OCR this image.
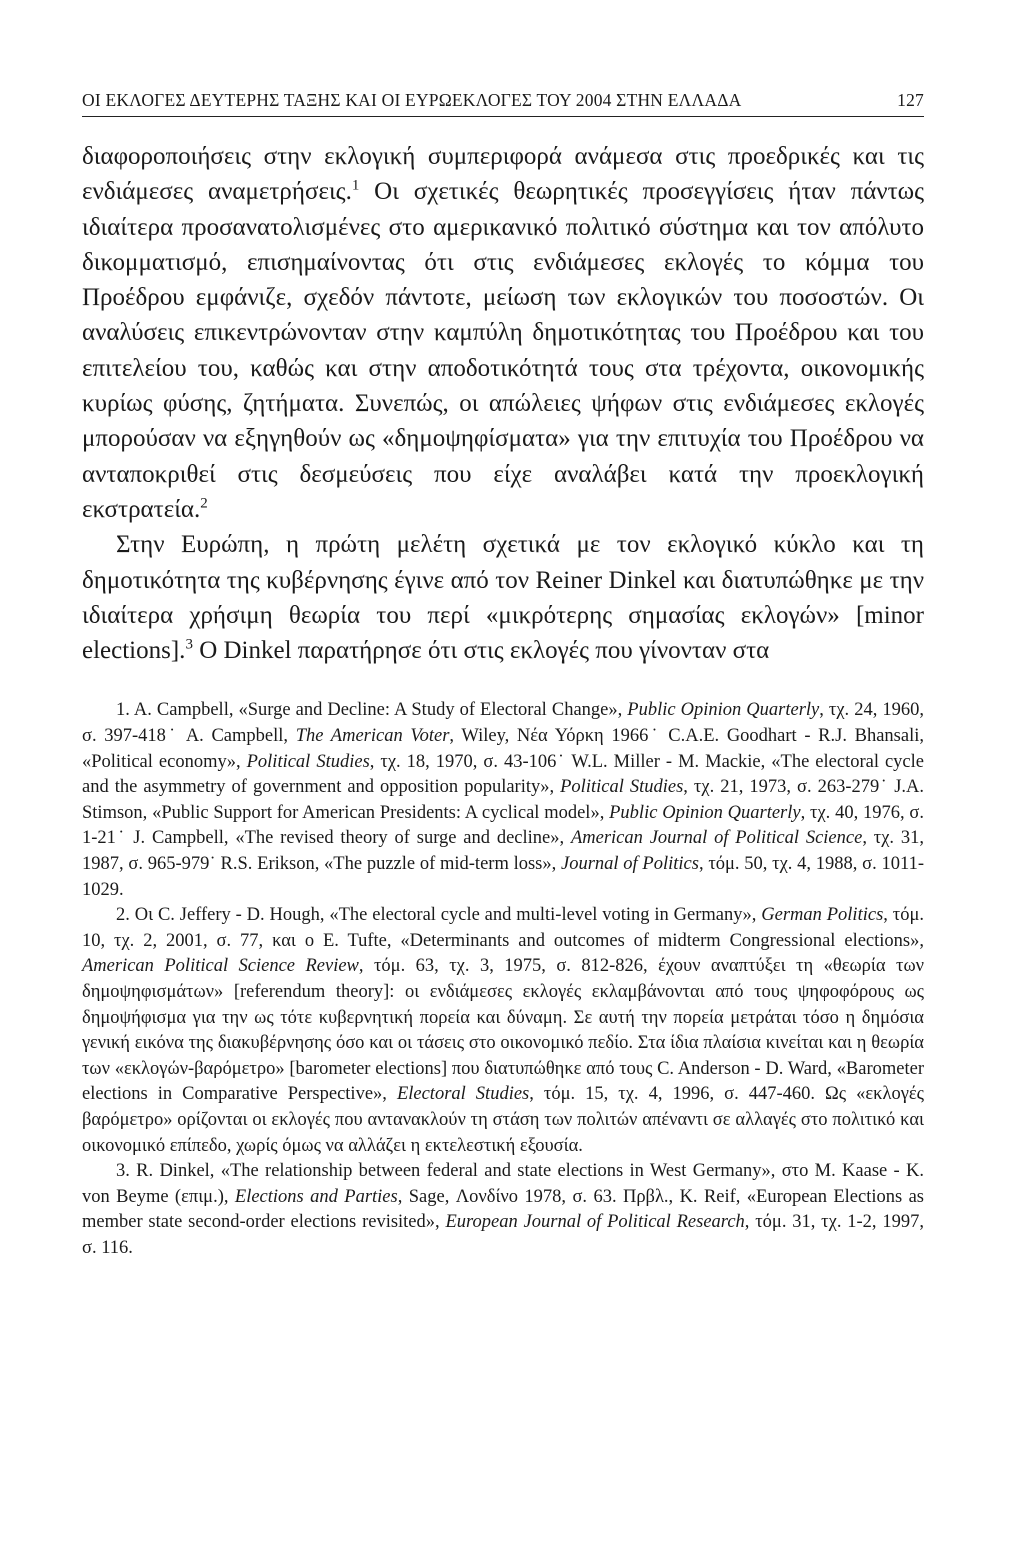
ΟΙ ΕΚΛΟΓΕΣ ΔΕΥΤΕΡΗΣ ΤΑΞΗΣ ΚΑΙ ΟΙ ΕΥΡΩΕΚΛΟΓΕΣ ΤΟΥ 2004 ΣΤΗΝ ΕΛΛΑΔΑ	127

διαφοροποιήσεις στην εκλογική συμπεριφορά ανάμεσα στις προεδρικές και τις ενδιάμεσες αναμετρήσεις.$^1$ Οι σχετικές θεωρητικές προσεγγίσεις ήταν πάντως ιδιαίτερα προσανατολισμένες στο αμερικανικό πολιτικό σύστημα και τον απόλυτο δικομματισμό, επισημαίνοντας ότι στις ενδιάμεσες εκλογές το κόμμα του Προέδρου εμφάνιζε, σχεδόν πάντοτε, μείωση των εκλογικών του ποσοστών. Οι αναλύσεις επικεντρώνονταν στην καμπύλη δημοτικότητας του Προέδρου και του επιτελείου του, καθώς και στην αποδοτικότητά τους στα τρέχοντα, οικονομικής κυρίως φύσης, ζητήματα. Συνεπώς, οι απώλειες ψήφων στις ενδιάμεσες εκλογές μπορούσαν να εξηγηθούν ως «δημοψηφίσματα» για την επιτυχία του Προέδρου να ανταποκριθεί στις δεσμεύσεις που είχε αναλάβει κατά την προεκλογική εκστρατεία.$^2$

Στην Ευρώπη, η πρώτη μελέτη σχετικά με τον εκλογικό κύκλο και τη δημοτικότητα της κυβέρνησης έγινε από τον Reiner Dinkel και διατυπώθηκε με την ιδιαίτερα χρήσιμη θεωρία του περί «μικρότερης σημασίας εκλογών» [minor elections].$^3$ Ο Dinkel παρατήρησε ότι στις εκλογές που γίνονταν στα

1. A. Campbell, «Surge and Decline: A Study of Electoral Change», Public Opinion Quarterly, τχ. 24, 1960, σ. 397-418˙ A. Campbell, The American Voter, Wiley, Νέα Υόρκη 1966˙ C.A.E. Goodhart - R.J. Bhansali, «Political economy», Political Studies, τχ. 18, 1970, σ. 43-106˙ W.L. Miller - M. Mackie, «The electoral cycle and the asymmetry of government and opposition popularity», Political Studies, τχ. 21, 1973, σ. 263-279˙ J.A. Stimson, «Public Support for American Presidents: A cyclical model», Public Opinion Quarterly, τχ. 40, 1976, σ. 1-21˙ J. Campbell, «The revised theory of surge and decline», American Journal of Political Science, τχ. 31, 1987, σ. 965-979˙ R.S. Erikson, «The puzzle of mid-term loss», Journal of Politics, τόμ. 50, τχ. 4, 1988, σ. 1011-1029.

2. Οι C. Jeffery - D. Hough, «The electoral cycle and multi-level voting in Germany», German Politics, τόμ. 10, τχ. 2, 2001, σ. 77, και ο E. Tufte, «Determinants and outcomes of midterm Congressional elections», American Political Science Review, τόμ. 63, τχ. 3, 1975, σ. 812-826, έχουν αναπτύξει τη «θεωρία των δημοψηφισμάτων» [referendum theory]: οι ενδιάμεσες εκλογές εκλαμβάνονται από τους ψηφοφόρους ως δημοψήφισμα για την ως τότε κυβερνητική πορεία και δύναμη. Σε αυτή την πορεία μετράται τόσο η δημόσια γενική εικόνα της διακυβέρνησης όσο και οι τάσεις στο οικονομικό πεδίο. Στα ίδια πλαίσια κινείται και η θεωρία των «εκλογών-βαρόμετρο» [barometer elections] που διατυπώθηκε από τους C. Anderson - D. Ward, «Barometer elections in Comparative Perspective», Electoral Studies, τόμ. 15, τχ. 4, 1996, σ. 447-460. Ως «εκλογές βαρόμετρο» ορίζονται οι εκλογές που αντανακλούν τη στάση των πολιτών απέναντι σε αλλαγές στο πολιτικό και οικονομικό επίπεδο, χωρίς όμως να αλλάζει η εκτελεστική εξουσία.

3. R. Dinkel, «The relationship between federal and state elections in West Germany», στο M. Kaase - K. von Beyme (επιμ.), Elections and Parties, Sage, Λονδίνο 1978, σ. 63. Πρβλ., K. Reif, «European Elections as member state second-order elections revisited», European Journal of Political Research, τόμ. 31, τχ. 1-2, 1997, σ. 116.
